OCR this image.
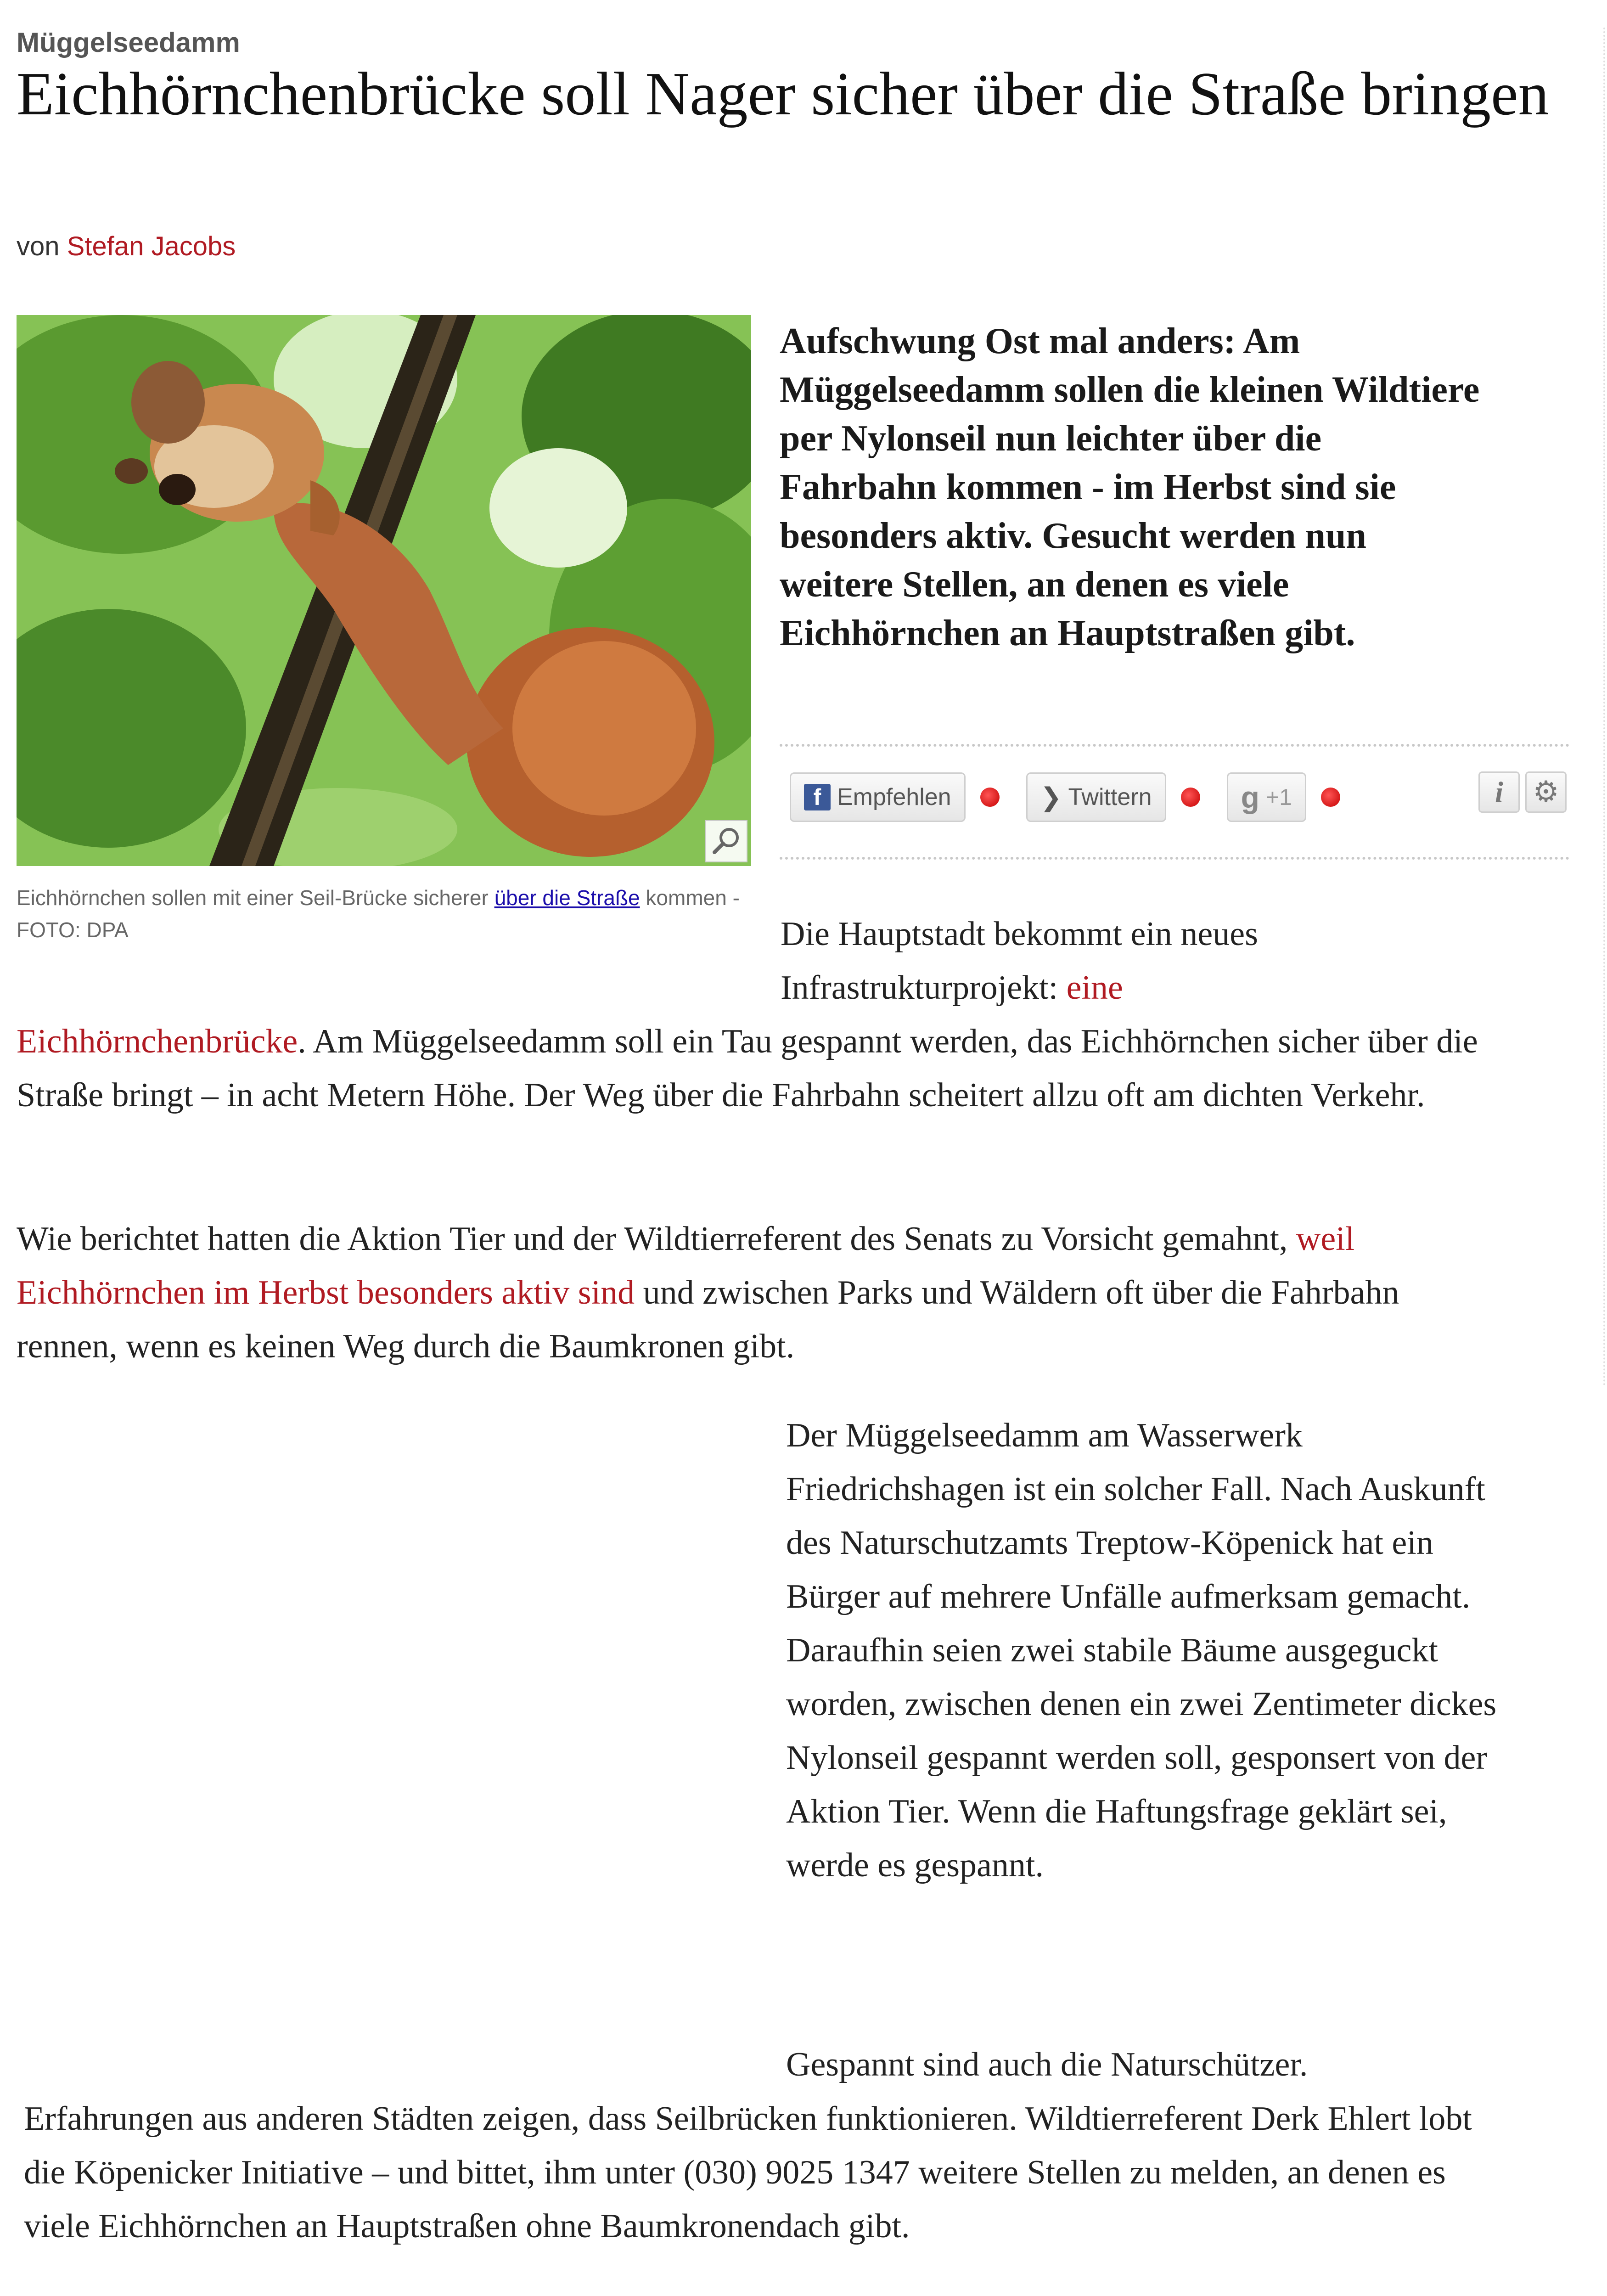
Müggelseedamm
Eichhörnchenbrücke soll Nager sicher über die Straße bringen
von Stefan Jacobs
Eichhörnchen sollen mit einer Seil-Brücke sicherer über die Straße kommen - FOTO: DPA
Aufschwung Ost mal anders: Am Müggelseedamm sollen die kleinen Wildtiere per Nylonseil nun leichter über die Fahrbahn kommen - im Herbst sind sie besonders aktiv. Gesucht werden nun weitere Stellen, an denen es viele Eichhörnchen an Hauptstraßen gibt.
f Empfehlen	❯ Twittern	g +1	i	⚙
Die Hauptstadt bekommt ein neues Infrastrukturprojekt: eine
Eichhörnchenbrücke. Am Müggelseedamm soll ein Tau gespannt werden, das Eichhörnchen sicher über die Straße bringt – in acht Metern Höhe. Der Weg über die Fahrbahn scheitert allzu oft am dichten Verkehr.
Wie berichtet hatten die Aktion Tier und der Wildtierreferent des Senats zu Vorsicht gemahnt, weil Eichhörnchen im Herbst besonders aktiv sind und zwischen Parks und Wäldern oft über die Fahrbahn rennen, wenn es keinen Weg durch die Baumkronen gibt.
Der Müggelseedamm am Wasserwerk Friedrichshagen ist ein solcher Fall. Nach Auskunft des Naturschutzamts Treptow-Köpenick hat ein Bürger auf mehrere Unfälle aufmerksam gemacht. Daraufhin seien zwei stabile Bäume ausgeguckt worden, zwischen denen ein zwei Zentimeter dickes Nylonseil gespannt werden soll, gesponsert von der Aktion Tier. Wenn die Haftungsfrage geklärt sei, werde es gespannt.
Gespannt sind auch die Naturschützer.
Erfahrungen aus anderen Städten zeigen, dass Seilbrücken funktionieren. Wildtierreferent Derk Ehlert lobt die Köpenicker Initiative – und bittet, ihm unter (030) 9025 1347 weitere Stellen zu melden, an denen es viele Eichhörnchen an Hauptstraßen ohne Baumkronendach gibt.
